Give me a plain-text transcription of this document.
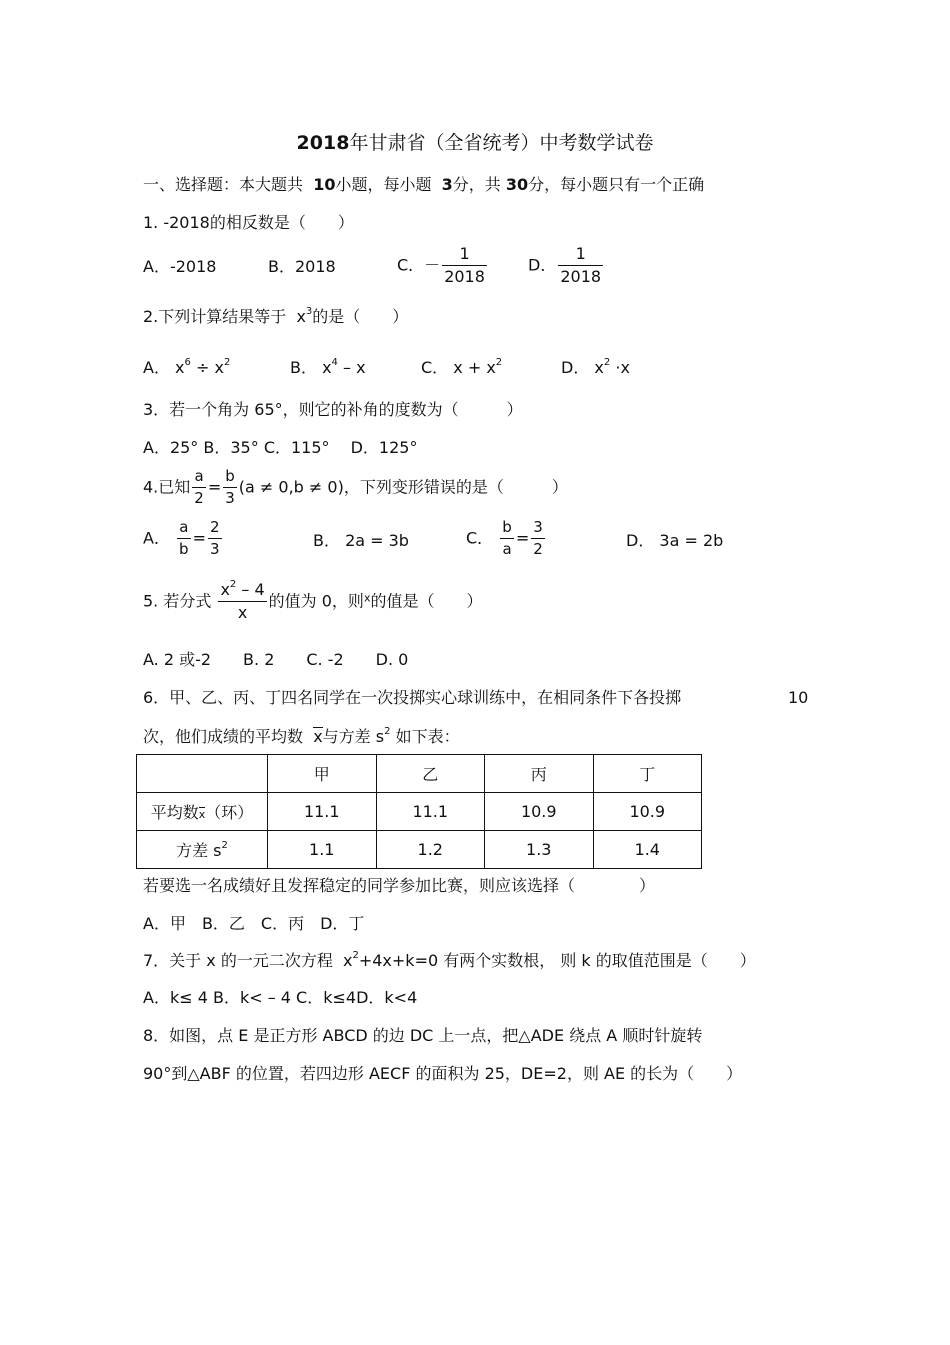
2018年甘肃省（全省统考）中考数学试卷
一、选择题：本大题共 10小题，每小题 3分，共 30分，每小题只有一个正确
1. -2018的相反数是（　　）
A．-2018	B．2018	C．－ $\frac{1}{2018}$	D． $\frac{1}{2018}$
2.下列计算结果等于 $x^3$的是（　　）
A． $x^6 \div x^2$	B． $x^4$ – x	C． $x + x^2$	D． $x^2 \cdot x$
3．若一个角为 65°，则它的补角的度数为（　　　）
A．25° B．35° C．115°　 D．125°
4.已知 $\frac{a}{2} = \frac{b}{3} (a \ne 0,b \ne 0)$，下列变形错误的是（　　　）
A． $\frac{a}{b} = \frac{2}{3}$	B． 2a = 3b	C． $\frac{b}{a} = \frac{3}{2}$	D． 3a = 2b
5. 若分式 $\frac{x^2 - 4}{x}$ 的值为 0，则$^x$的值是（　　）
A. 2 或-2　　B. 2　　C. -2　　D. 0
6．甲、乙、丙、丁四名同学在一次投掷实心球训练中，在相同条件下各投掷	10
次，他们成绩的平均数 x与方差 $s^2$ 如下表：
	甲	乙	丙	丁
平均数x（环）	11.1	11.1	10.9	10.9
方差 $s^2$	1.1	1.2	1.3	1.4
若要选一名成绩好且发挥稳定的同学参加比赛，则应该选择（　　　　）
A．甲　B．乙　C．丙　D．丁
7．关于 x 的一元二次方程 $x^2+4x+k=0$ 有两个实数根， 则 k 的取值范围是（　　）
A．k≤ 4 B．k< – 4 C．k≤4D．k<4
8．如图，点 E 是正方形 ABCD 的边 DC 上一点，把△ADE 绕点 A 顺时针旋转
90°到△ABF 的位置，若四边形 AECF 的面积为 25，DE=2，则 AE 的长为（　　）
